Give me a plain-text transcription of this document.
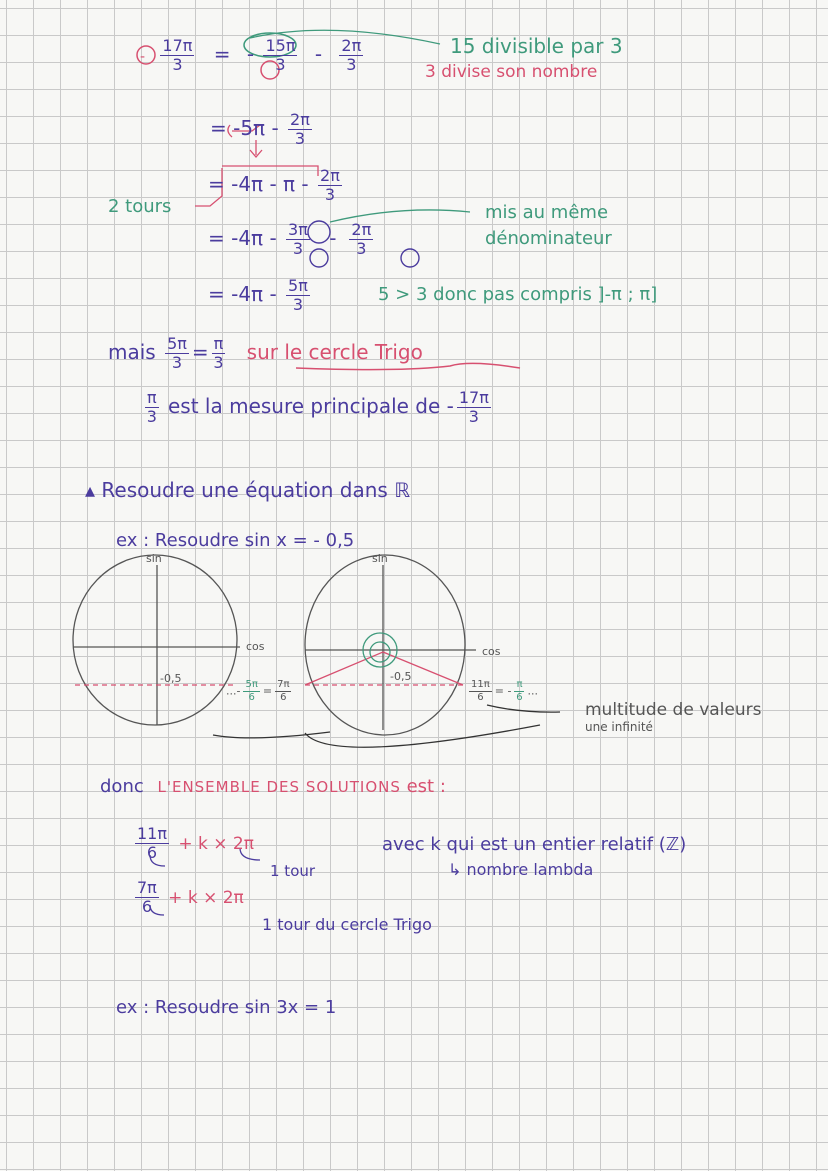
- $\frac{17\pi}{3}$ = - $\frac{15\pi}{3} - \frac{2\pi}{3}$	15 divisible par 3
3 divise son nombre
= $-5\pi - \frac{2\pi}{3}$
= -4π - π - $\frac{2\pi}{3}$
2 tours
= $-4\pi - \frac{3\pi}{3} - \frac{2\pi}{3}$
mis au même
dénominateur
= $-4\pi - \frac{5\pi}{3}$	5 > 3 donc pas compris ]-π ; π]
mais $\frac{5\pi}{3} = \frac{\pi}{3}$ sur le cercle Trigo
$\frac{\pi}{3}$ est la mesure principale de - $\frac{17\pi}{3}$
▴ Resoudre une équation dans ℝ
ex : Resoudre sin x = - 0,5
sin
cos
-0,5
sin
cos
-0,5
...- $\frac{5\pi}{6} = \frac{7\pi}{6}$	$\frac{11\pi}{6}$ = - $\frac{\pi}{6}$ ...
multitude de valeurs
une infinité
donc L'ENSEMBLE DES SOLUTIONS est :
$\frac{11\pi}{6} + k \times 2\pi$
1 tour
avec k qui est un entier relatif (ℤ)
↳ nombre lambda
$\frac{7\pi}{6} + k \times 2\pi$
1 tour du cercle Trigo
ex : Resoudre sin 3x = 1
